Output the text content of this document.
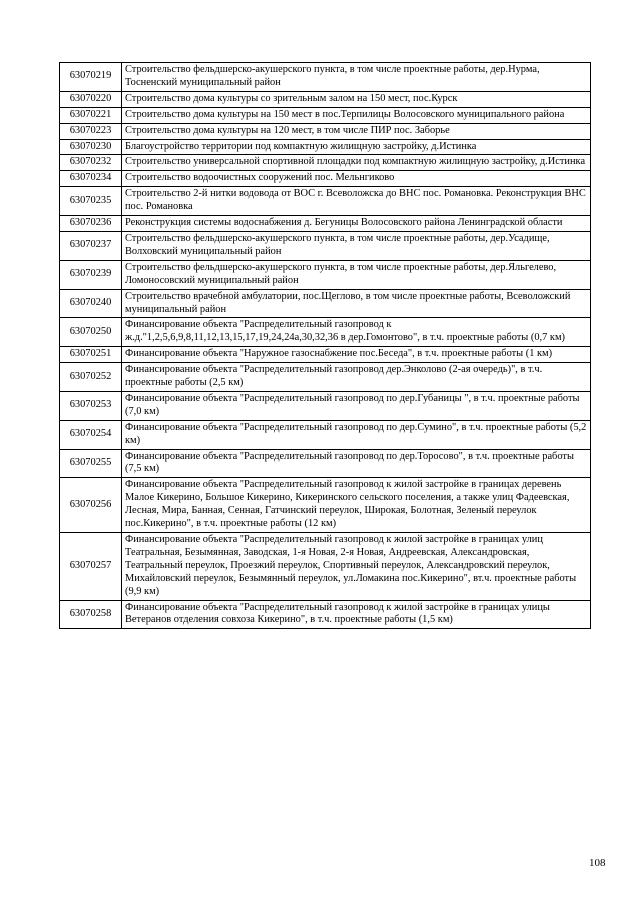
63070219	Строительство фельдшерско-акушерского пункта, в том числе проектные работы, дер.Нурма, Тосненский муниципальный район
63070220	Строительство дома культуры со зрительным залом на 150 мест, пос.Курск
63070221	Строительство дома культуры на 150 мест в пос.Терпилицы Волосовского муниципального района
63070223	Строительство дома культуры на 120 мест, в том числе ПИР пос. Заборье
63070230	Благоустройство территории под компактную жилищную застройку, д.Истинка
63070232	Строительство универсальной спортивной площадки под компактную жилищную застройку, д.Истинка
63070234	Строительство водоочистных сооружений пос. Мельнгиково
63070235	Строительство 2-й нитки водовода от ВОС г. Всеволожска до ВНС пос. Романовка. Реконструкция ВНС пос. Романовка
63070236	Реконструкция системы водоснабжения д. Бегуницы Волосовского района Ленинградской области
63070237	Строительство фельдшерско-акушерского пункта, в том числе проектные работы, дер.Усадище, Волховский муниципальный район
63070239	Строительство фельдшерско-акушерского пункта, в том числе проектные работы, дер.Яльгелево, Ломоносовский муниципальный район
63070240	Строительство врачебной амбулатории, пос.Щеглово, в том числе проектные работы, Всеволожский муниципальный район
63070250	Финансирование объекта "Распределительный газопровод к ж.д."1,2,5,6,9,8,11,12,13,15,17,19,24,24а,30,32,36 в дер.Гомонтово", в т.ч. проектные работы (0,7 км)
63070251	Финансирование объекта "Наружное газоснабжение пос.Беседа", в т.ч. проектные работы (1 км)
63070252	Финансирование объекта "Распределительный газопровод дер.Энколово (2-ая очередь)", в т.ч. проектные работы (2,5 км)
63070253	Финансирование объекта "Распределительный газопровод по дер.Губаницы ", в т.ч. проектные работы (7,0 км)
63070254	Финансирование объекта "Распределительный газопровод по дер.Сумино", в т.ч. проектные работы (5,2 км)
63070255	Финансирование объекта "Распределительный газопровод по дер.Торосово", в т.ч. проектные работы (7,5 км)
63070256	Финансирование объекта "Распределительный газопровод к жилой застройке в границах деревень Малое Кикерино, Большое Кикерино, Кикеринского сельского поселения, а также улиц Фадеевская, Лесная, Мира, Банная, Сенная, Гатчинский переулок, Широкая, Болотная, Зеленый переулок пос.Кикерино", в т.ч. проектные работы (12 км)
63070257	Финансирование объекта "Распределительный газопровод к жилой застройке в границах улиц Театральная, Безымянная, Заводская, 1-я Новая, 2-я Новая, Андреевская, Александровская, Театральный переулок, Проезжий переулок, Спортивный переулок, Александровский переулок, Михайловский переулок, Безымянный переулок, ул.Ломакина пос.Кикерино", вт.ч. проектные работы (9,9 км)
63070258	Финансирование объекта "Распределительный газопровод к жилой застройке в границах улицы Ветеранов отделения совхоза Кикерино", в т.ч. проектные работы (1,5 км)
108
